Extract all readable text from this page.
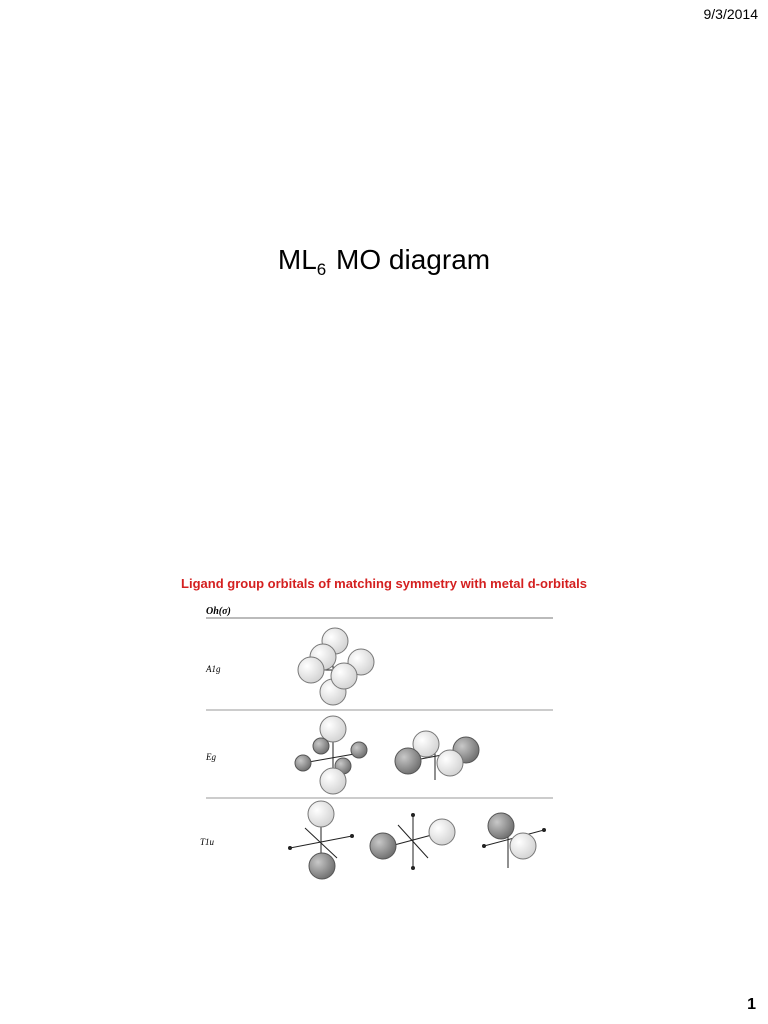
9/3/2014
$ML_6$ MO diagram
Ligand group orbitals of matching symmetry with metal d-orbitals
Oh(σ)
A1g
Eg
T1u
1
